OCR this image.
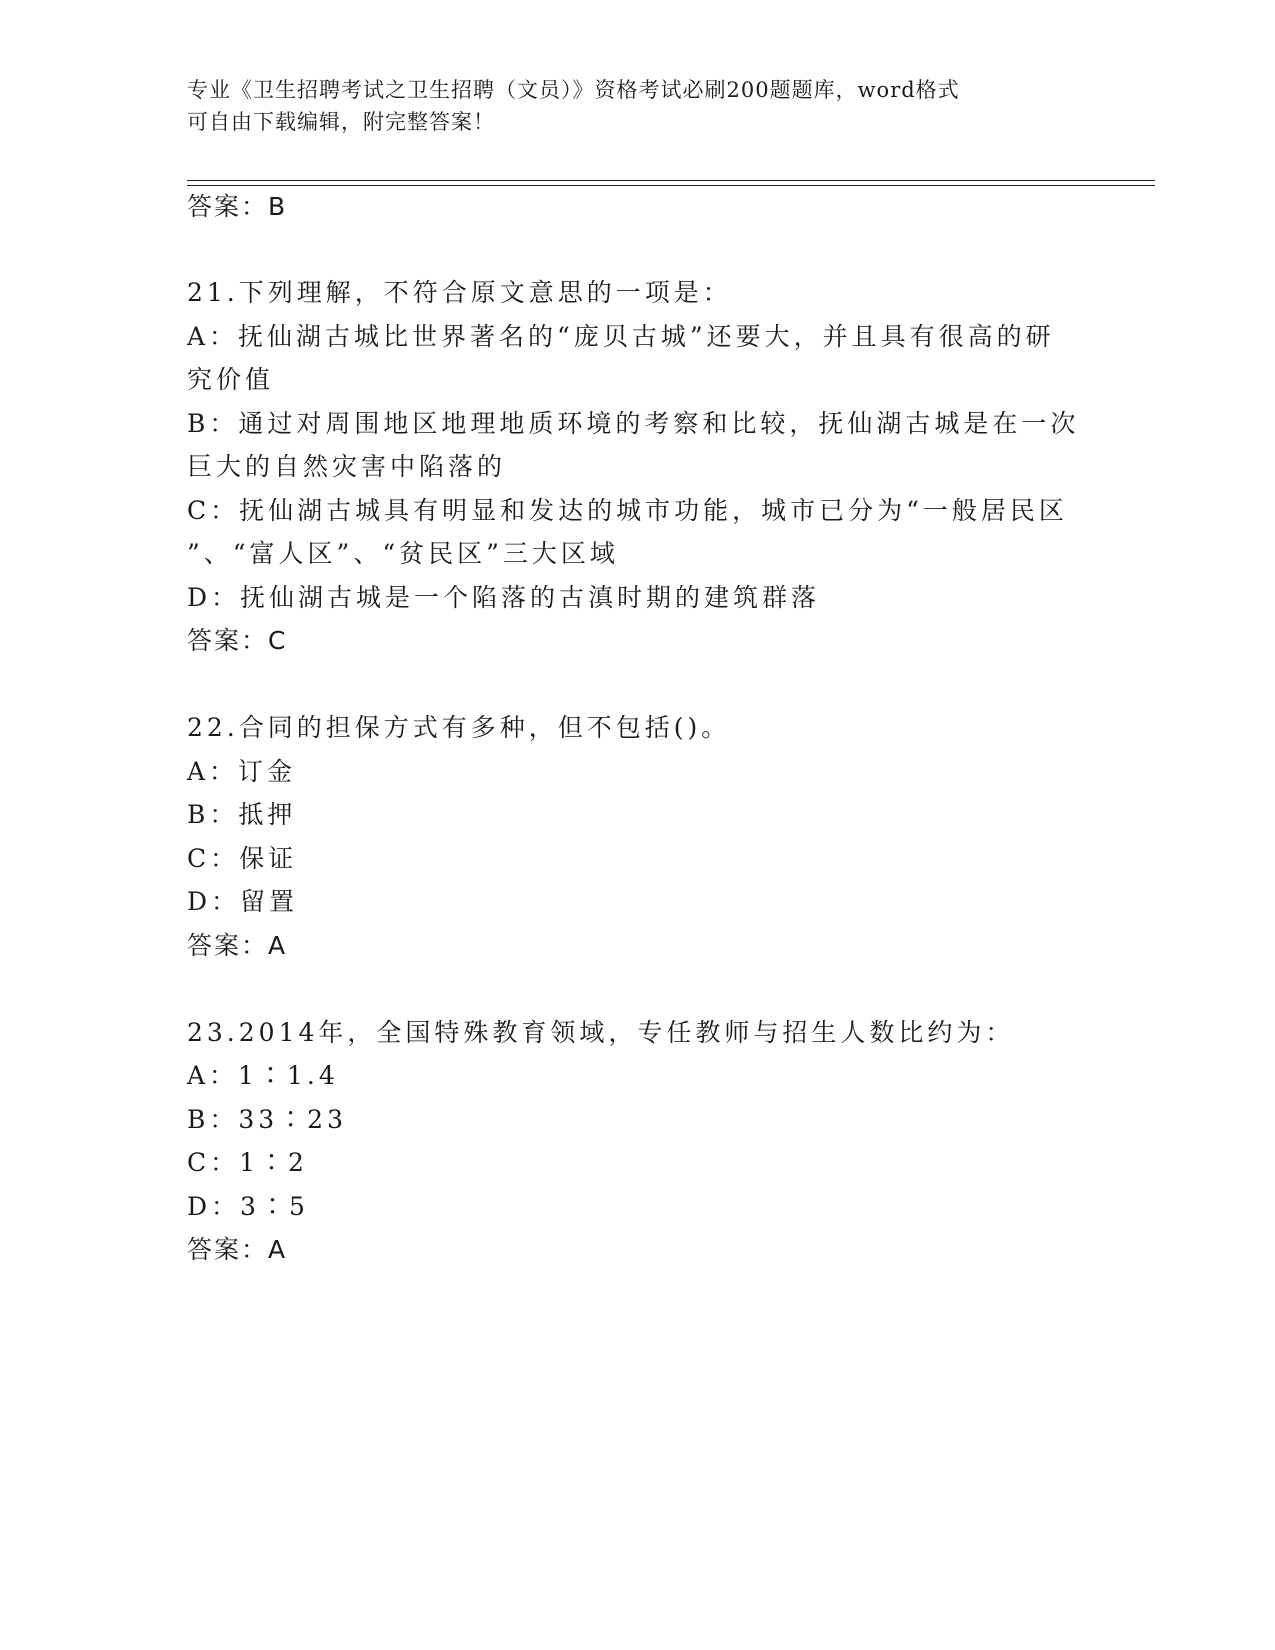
专业《卫生招聘考试之卫生招聘（文员）》资格考试必刷200题题库，word格式
可自由下载编辑，附完整答案！
答案：B
21.下列理解，不符合原文意思的一项是：
A：抚仙湖古城比世界著名的“庞贝古城”还要大，并且具有很高的研
究价值
B：通过对周围地区地理地质环境的考察和比较，抚仙湖古城是在一次
巨大的自然灾害中陷落的
C：抚仙湖古城具有明显和发达的城市功能，城市已分为“一般居民区
”、“富人区”、“贫民区”三大区域
D：抚仙湖古城是一个陷落的古滇时期的建筑群落
答案：C
22.合同的担保方式有多种，但不包括()。
A：订金
B：抵押
C：保证
D：留置
答案：A
23.2014年，全国特殊教育领域，专任教师与招生人数比约为：
A：1∶1.4
B：33∶23
C：1∶2
D：3∶5
答案：A
